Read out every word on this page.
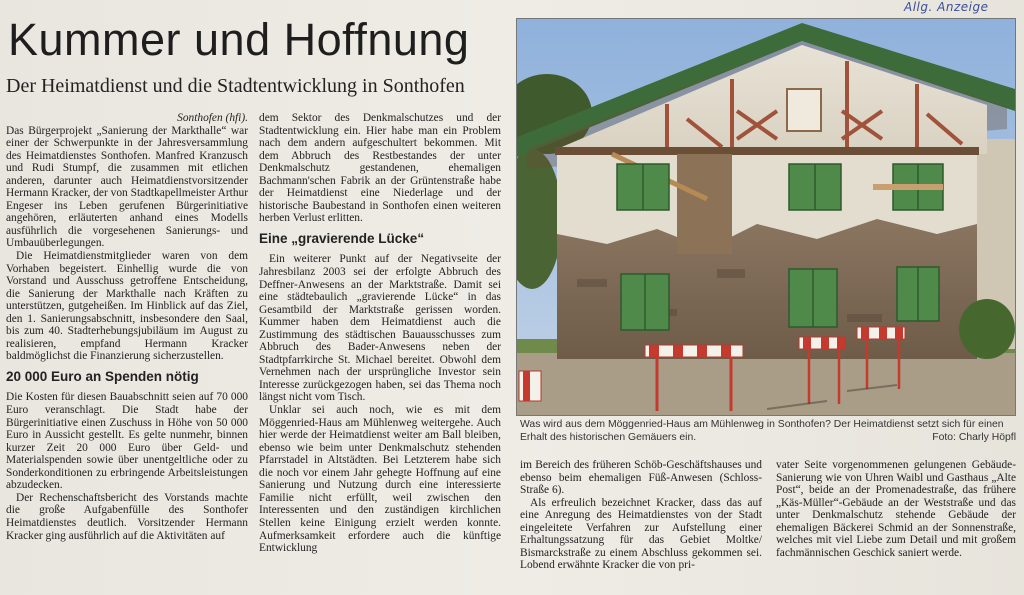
Allg. Anzeige
Kummer und Hoffnung
Der Heimatdienst und die Stadtentwicklung in Sonthofen
Sonthofen (hfi).

Das Bürgerprojekt „Sanierung der Markthalle“ war einer der Schwerpunkte in der Jahresversammlung des Heimatdienstes Sonthofen. Manfred Kranzusch und Rudi Stumpf, die zusammen mit etlichen anderen, darunter auch Heimatdienstvorsitzender Hermann Kracker, der von Stadtkapellmeister Arthur Engeser ins Leben gerufenen Bürgerinitiative angehören, erläuterten anhand eines Modells ausführlich die vorgesehenen Sanierungs- und Umbauüberlegungen.

Die Heimatdienstmitglieder waren von dem Vorhaben begeistert. Einhellig wurde die von Vorstand und Ausschuss getroffene Entscheidung, die Sanierung der Markthalle nach Kräften zu unterstützen, gutgeheißen. Im Hinblick auf das Ziel, den 1. Sanierungsabschnitt, insbesondere den Saal, bis zum 40. Stadterhebungsjubiläum im August zu realisieren, empfand Hermann Kracker baldmöglichst die Finanzierung sicherzustellen.

20 000 Euro an Spenden nötig

Die Kosten für diesen Bauabschnitt seien auf 70 000 Euro veranschlagt. Die Stadt habe der Bürgerinitiative einen Zuschuss in Höhe von 50 000 Euro in Aussicht gestellt. Es gelte nunmehr, binnen kurzer Zeit 20 000 Euro über Geld- und Materialspenden sowie über unentgeltliche oder zu Sonderkonditionen zu erbringende Arbeitsleistungen abzudecken.

Der Rechenschaftsbericht des Vorstands machte die große Aufgabenfülle des Sonthofer Heimatdienstes deutlich. Vorsitzender Hermann Kracker ging ausführlich auf die Aktivitäten auf

dem Sektor des Denkmalschutzes und der Stadtentwicklung ein. Hier habe man ein Problem nach dem andern aufgeschultert bekommen. Mit dem Abbruch des Restbestandes der unter Denkmalschutz gestandenen, ehemaligen Bachmann'schen Fabrik an der Grüntenstraße habe der Heimatdienst eine Niederlage und der historische Baubestand in Sonthofen einen weiteren herben Verlust erlitten.

Eine „gravierende Lücke“

Ein weiterer Punkt auf der Negativseite der Jahresbilanz 2003 sei der erfolgte Abbruch des Deffner-Anwesens an der Marktstraße. Damit sei eine städtebaulich „gravierende Lücke“ in das Gesamtbild der Marktstraße gerissen worden. Kummer haben dem Heimatdienst auch die Zustimmung des städtischen Bauausschusses zum Abbruch des Bader-Anwesens neben der Stadtpfarrkirche St. Michael bereitet. Obwohl dem Vernehmen nach der ursprüngliche Investor sein Interesse zurückgezogen haben, sei das Thema noch längst nicht vom Tisch.

Unklar sei auch noch, wie es mit dem Möggenried-Haus am Mühlenweg weitergehe. Auch hier werde der Heimatdienst weiter am Ball bleiben, ebenso wie beim unter Denkmalschutz stehenden Pfarrstadel in Altstädten. Bei Letzterem habe sich die noch vor einem Jahr gehegte Hoffnung auf eine Sanierung und Nutzung durch eine interessierte Familie nicht erfüllt, weil zwischen den Interessenten und den zuständigen kirchlichen Stellen keine Einigung erzielt werden konnte. Aufmerksamkeit erfordere auch die künftige Entwicklung

Was wird aus dem Möggenried-Haus am Mühlenweg in Sonthofen? Der Heimatdienst setzt sich für einen Erhalt des historischen Gemäuers ein.	Foto: Charly Höpfl

im Bereich des früheren Schöb-Geschäftshauses und ebenso beim ehemaligen Füß-Anwesen (Schloss-Straße 6).

Als erfreulich bezeichnet Kracker, dass das auf eine Anregung des Heimatdienstes von der Stadt eingeleitete Verfahren zur Aufstellung einer Erhaltungssatzung für das Gebiet Moltke/ Bismarckstraße zu einem Abschluss gekommen sei. Lobend erwähnte Kracker die von pri-

vater Seite vorgenommenen gelungenen Gebäude-Sanierung wie von Uhren Waibl und Gasthaus „Alte Post“, beide an der Promenadestraße, das frühere „Käs-Müller“-Gebäude an der Weststraße und das unter Denkmalschutz stehende Gebäude der ehemaligen Bäckerei Schmid an der Sonnenstraße, welches mit viel Liebe zum Detail und mit großem fachmännischen Geschick saniert werde.
